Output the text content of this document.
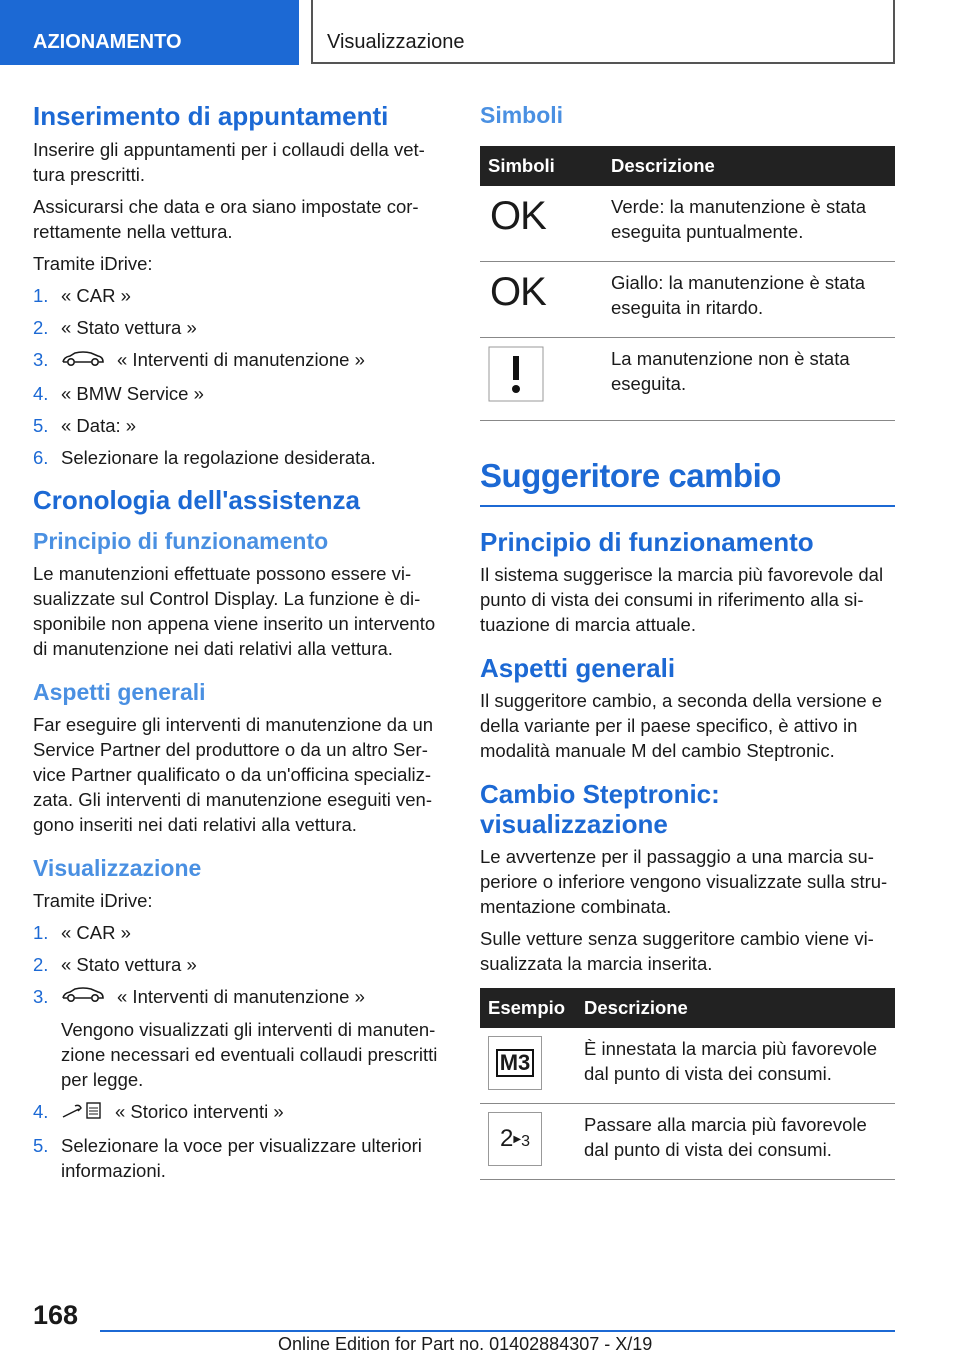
AZIONAMENTO	Visualizzazione
Inserimento di appuntamenti

Inserire gli appuntamenti per i collaudi della vet-tura prescritti.

Assicurarsi che data e ora siano impostate cor-rettamente nella vettura.

Tramite iDrive:

1. « CAR »
2. « Stato vettura »
3.	« Interventi di manutenzione »
4. « BMW Service »
5. « Data: »
6. Selezionare la regolazione desiderata.
Cronologia dell'assistenza
Principio di funzionamento

Le manutenzioni effettuate possono essere vi-sualizzate sul Control Display. La funzione è di-sponibile non appena viene inserito un intervento di manutenzione nei dati relativi alla vettura.

Aspetti generali

Far eseguire gli interventi di manutenzione da un Service Partner del produttore o da un altro Ser-vice Partner qualificato o da un'officina specializ-zata. Gli interventi di manutenzione eseguiti ven-gono inseriti nei dati relativi alla vettura.

Visualizzazione

Tramite iDrive:

1. « CAR »
2. « Stato vettura »
3.	« Interventi di manutenzione »
Vengono visualizzati gli interventi di manuten-zione necessari ed eventuali collaudi prescritti per legge.
4.	« Storico interventi »
5. Selezionare la voce per visualizzare ulteriori informazioni.
Simboli
Simboli	Descrizione
OK	Verde: la manutenzione è stata eseguita puntualmente.
OK	Giallo: la manutenzione è stata eseguita in ritardo.
	La manutenzione non è stata eseguita.
Suggeritore cambio
Principio di funzionamento

Il sistema suggerisce la marcia più favorevole dal punto di vista dei consumi in riferimento alla si-tuazione di marcia attuale.

Aspetti generali

Il suggeritore cambio, a seconda della versione e della variante per il paese specifico, è attivo in modalità manuale M del cambio Steptronic.

Cambio Steptronic: visualizzazione

Le avvertenze per il passaggio a una marcia su-periore o inferiore vengono visualizzate sulla stru-mentazione combinata.

Sulle vetture senza suggeritore cambio viene vi-sualizzata la marcia inserita.

Esempio	Descrizione

M3	È innestata la marcia più favorevole dal punto di vista dei consumi.

2 ▶ 3	Passare alla marcia più favorevole dal punto di vista dei consumi.
168
Online Edition for Part no. 01402884307 - X/19
